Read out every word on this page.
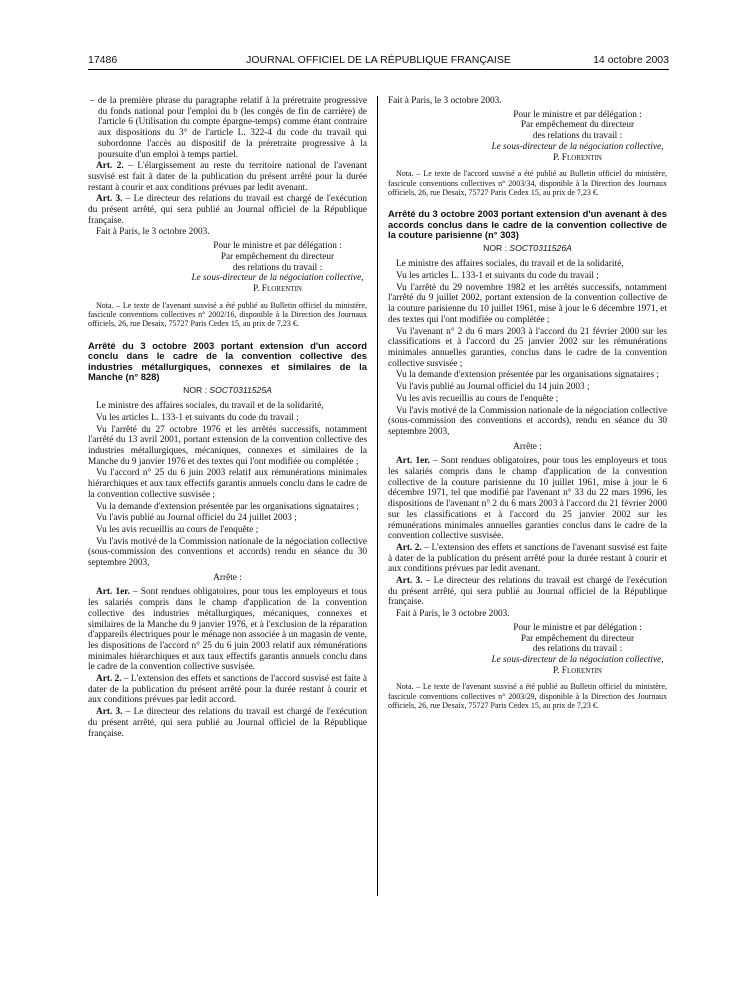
17486	JOURNAL OFFICIEL DE LA RÉPUBLIQUE FRANÇAISE	14 octobre 2003

– de la première phrase du paragraphe relatif à la préretraite progressive du fonds national pour l'emploi du b (les congés de fin de carrière) de l'article 6 (Utilisation du compte épargne-temps) comme étant contraire aux dispositions du 3° de l'article L. 322-4 du code du travail qui subordonne l'accès au dispositif de la préretraite progressive à la poursuite d'un emploi à temps partiel.

Art. 2. – L'élargissement au reste du territoire national de l'avenant susvisé est fait à dater de la publication du présent arrêté pour la durée restant à courir et aux conditions prévues par ledit avenant.

Art. 3. – Le directeur des relations du travail est chargé de l'exécution du présent arrêté, qui sera publié au Journal officiel de la République française.

Fait à Paris, le 3 octobre 2003.

Pour le ministre et par délégation :

Par empêchement du directeur

des relations du travail :

Le sous-directeur de la négociation collective,

P. Florentin

Nota. – Le texte de l'avenant susvisé a été publié au Bulletin officiel du ministère, fascicule conventions collectives n° 2002/16, disponible à la Direction des Journaux officiels, 26, rue Desaix, 75727 Paris Cedex 15, au prix de 7,23 €.

Arrêté du 3 octobre 2003 portant extension d'un accord conclu dans le cadre de la convention collective des industries métallurgiques, connexes et similaires de la Manche (n° 828)
NOR : SOCT0311525A

Le ministre des affaires sociales, du travail et de la solidarité,

Vu les articles L. 133-1 et suivants du code du travail ;

Vu l'arrêté du 27 octobre 1976 et les arrêtés successifs, notamment l'arrêté du 13 avril 2001, portant extension de la convention collective des industries métallurgiques, mécaniques, connexes et similaires de la Manche du 9 janvier 1976 et des textes qui l'ont modifiée ou complétée ;

Vu l'accord n° 25 du 6 juin 2003 relatif aux rémunérations minimales hiérarchiques et aux taux effectifs garantis annuels conclu dans le cadre de la convention collective susvisée ;

Vu la demande d'extension présentée par les organisations signataires ;

Vu l'avis publié au Journal officiel du 24 juillet 2003 ;

Vu les avis recueillis au cours de l'enquête ;

Vu l'avis motivé de la Commission nationale de la négociation collective (sous-commission des conventions et accords) rendu en séance du 30 septembre 2003,

Arrête :

Art. 1er. – Sont rendues obligatoires, pour tous les employeurs et tous les salariés compris dans le champ d'application de la convention collective des industries métallurgiques, mécaniques, connexes et similaires de la Manche du 9 janvier 1976, et à l'exclusion de la réparation d'appareils électriques pour le ménage non associée à un magasin de vente, les dispositions de l'accord n° 25 du 6 juin 2003 relatif aux rémunérations minimales hiérarchiques et aux taux effectifs garantis annuels conclu dans le cadre de la convention collective susvisée.

Art. 2. – L'extension des effets et sanctions de l'accord susvisé est faite à dater de la publication du présent arrêté pour la durée restant à courir et aux conditions prévues par ledit accord.

Art. 3. – Le directeur des relations du travail est chargé de l'exécution du présent arrêté, qui sera publié au Journal officiel de la République française.

Fait à Paris, le 3 octobre 2003.

Pour le ministre et par délégation :

Par empêchement du directeur

des relations du travail :

Le sous-directeur de la négociation collective,

P. Florentin

Nota. – Le texte de l'accord susvisé a été publié au Bulletin officiel du ministère, fascicule conventions collectives n° 2003/34, disponible à la Direction des Journaux officiels, 26, rue Desaix, 75727 Paris Cedex 15, au prix de 7,23 €.

Arrêté du 3 octobre 2003 portant extension d'un avenant à des accords conclus dans le cadre de la convention collective de la couture parisienne (n° 303)
NOR : SOCT0311526A

Le ministre des affaires sociales, du travail et de la solidarité,

Vu les articles L. 133-1 et suivants du code du travail ;

Vu l'arrêté du 29 novembre 1982 et les arrêtés successifs, notamment l'arrêté du 9 juillet 2002, portant extension de la convention collective de la couture parisienne du 10 juillet 1961, mise à jour le 6 décembre 1971, et des textes qui l'ont modifiée ou complétée ;

Vu l'avenant n° 2 du 6 mars 2003 à l'accord du 21 février 2000 sur les classifications et à l'accord du 25 janvier 2002 sur les rémunérations minimales annuelles garanties, conclus dans le cadre de la convention collective susvisée ;

Vu la demande d'extension présentée par les organisations signataires ;

Vu l'avis publié au Journal officiel du 14 juin 2003 ;

Vu les avis recueillis au cours de l'enquête ;

Vu l'avis motivé de la Commission nationale de la négociation collective (sous-commission des conventions et accords), rendu en séance du 30 septembre 2003,

Arrête :

Art. 1er. – Sont rendues obligatoires, pour tous les employeurs et tous les salariés compris dans le champ d'application de la convention collective de la couture parisienne du 10 juillet 1961, mise à jour le 6 décembre 1971, tel que modifié par l'avenant n° 33 du 22 mars 1996, les dispositions de l'avenant n° 2 du 6 mars 2003 à l'accord du 21 février 2000 sur les classifications et à l'accord du 25 janvier 2002 sur les rémunérations minimales annuelles garanties conclus dans le cadre de la convention collective susvisée.

Art. 2. – L'extension des effets et sanctions de l'avenant susvisé est faite à dater de la publication du présent arrêté pour la durée restant à courir et aux conditions prévues par ledit avenant.

Art. 3. – Le directeur des relations du travail est chargé de l'exécution du présent arrêté, qui sera publié au Journal officiel de la République française.

Fait à Paris, le 3 octobre 2003.

Pour le ministre et par délégation :

Par empêchement du directeur

des relations du travail :

Le sous-directeur de la négociation collective,

P. Florentin

Nota. – Le texte de l'avenant susvisé a été publié au Bulletin officiel du ministère, fascicule conventions collectives n° 2003/29, disponible à la Direction des Journaux officiels, 26, rue Desaix, 75727 Paris Cedex 15, au prix de 7,23 €.
